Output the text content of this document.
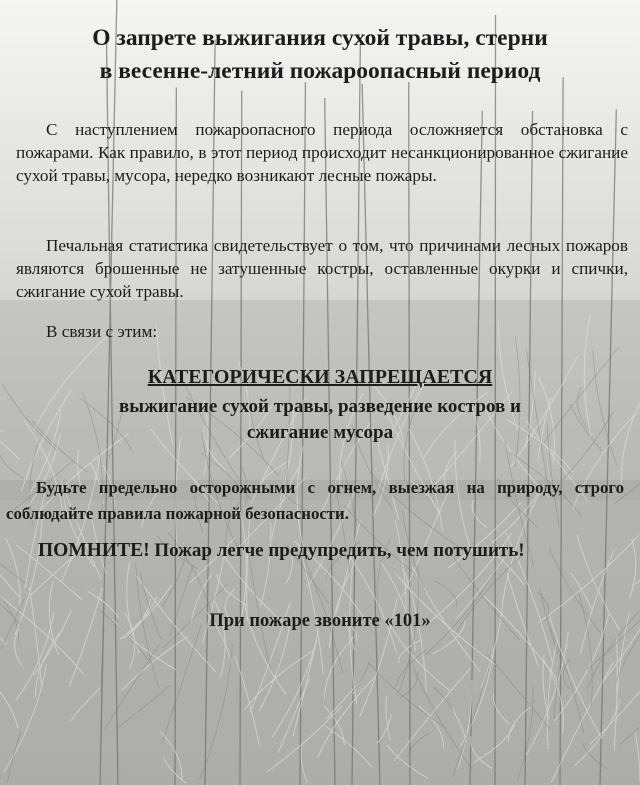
О запрете выжигания сухой травы, стерни
в весенне-летний пожароопасный период

С наступлением пожароопасного периода осложняется обстановка с пожарами. Как правило, в этот период происходит несанкционированное сжигание сухой травы, мусора, нередко возникают лесные пожары.

Печальная статистика свидетельствует о том, что причинами лесных пожаров являются брошенные не затушенные костры, оставленные окурки и спички, сжигание сухой травы.

В связи с этим:

КАТЕГОРИЧЕСКИ ЗАПРЕЩАЕТСЯ
выжигание сухой травы, разведение костров и
сжигание мусора

Будьте предельно осторожными с огнем, выезжая на природу, строго соблюдайте правила пожарной безопасности.

ПОМНИТЕ! Пожар легче предупредить, чем потушить!

При пожаре звоните «101»
